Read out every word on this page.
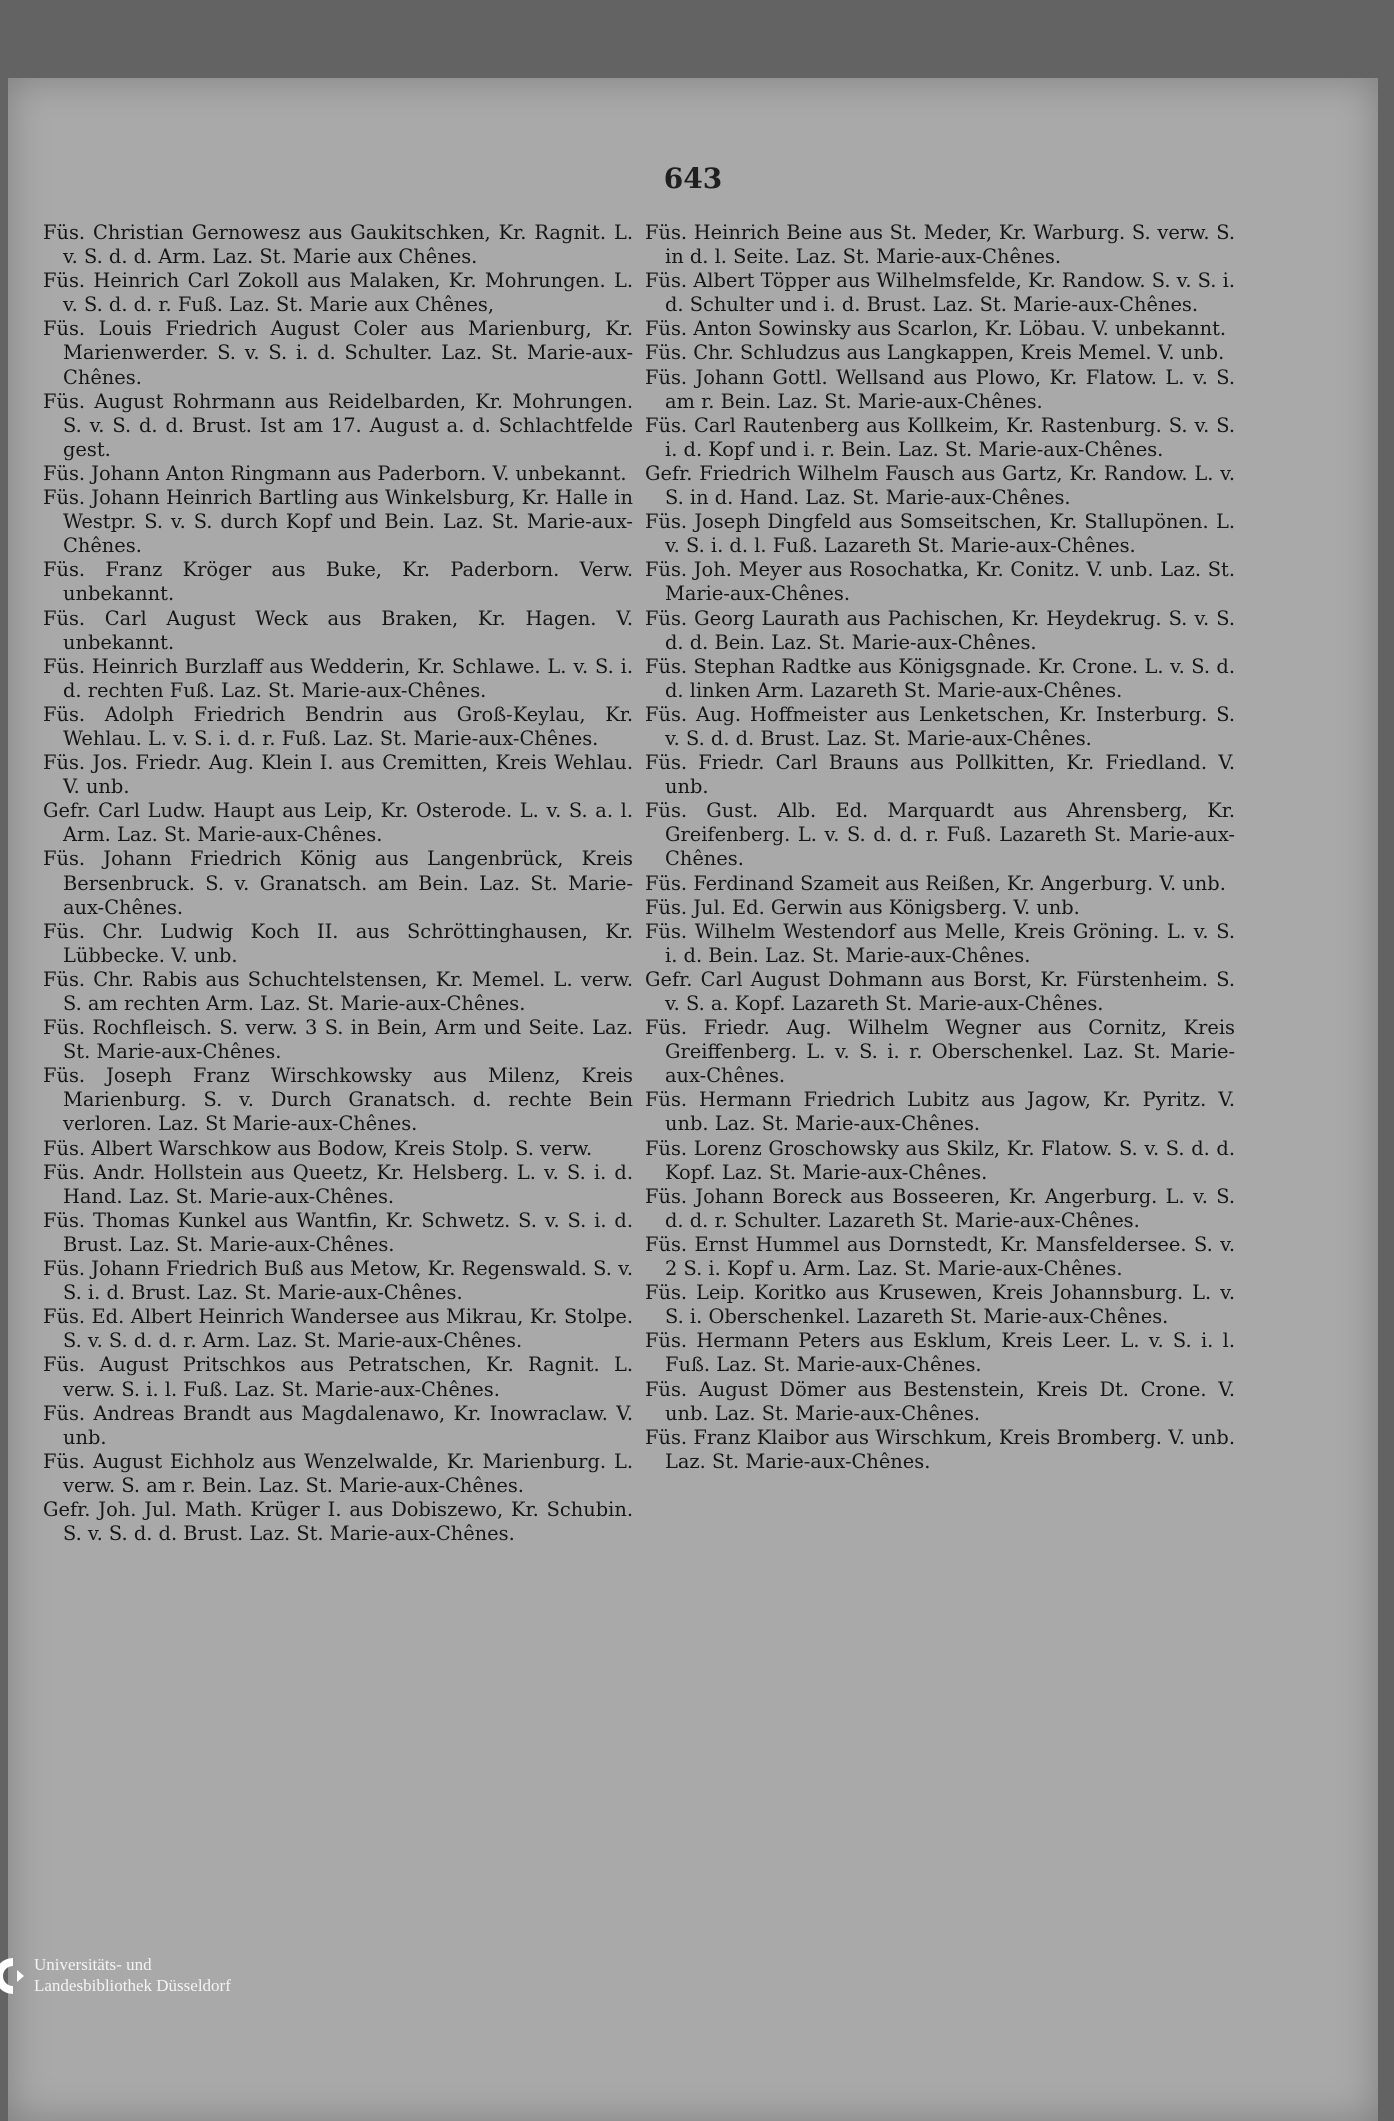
643

Füs. Christian Gernowesz aus Gaukitschken, Kr. Ragnit. L. v. S. d. d. Arm. Laz. St. Marie aux Chênes.

Füs. Heinrich Carl Zokoll aus Malaken, Kr. Mohrungen. L. v. S. d. d. r. Fuß. Laz. St. Marie aux Chênes,

Füs. Louis Friedrich August Coler aus Marienburg, Kr. Marienwerder. S. v. S. i. d. Schulter. Laz. St. Marie-aux-Chênes.

Füs. August Rohrmann aus Reidelbarden, Kr. Mohrungen. S. v. S. d. d. Brust. Ist am 17. August a. d. Schlachtfelde gest.

Füs. Johann Anton Ringmann aus Paderborn. V. unbekannt.

Füs. Johann Heinrich Bartling aus Winkelsburg, Kr. Halle in Westpr. S. v. S. durch Kopf und Bein. Laz. St. Marie-aux-Chênes.

Füs. Franz Kröger aus Buke, Kr. Paderborn. Verw. unbekannt.

Füs. Carl August Weck aus Braken, Kr. Hagen. V. unbekannt.

Füs. Heinrich Burzlaff aus Wedderin, Kr. Schlawe. L. v. S. i. d. rechten Fuß. Laz. St. Marie-aux-Chênes.

Füs. Adolph Friedrich Bendrin aus Groß-Keylau, Kr. Wehlau. L. v. S. i. d. r. Fuß. Laz. St. Marie-aux-Chênes.

Füs. Jos. Friedr. Aug. Klein I. aus Cremitten, Kreis Wehlau. V. unb.

Gefr. Carl Ludw. Haupt aus Leip, Kr. Osterode. L. v. S. a. l. Arm. Laz. St. Marie-aux-Chênes.

Füs. Johann Friedrich König aus Langenbrück, Kreis Bersenbruck. S. v. Granatsch. am Bein. Laz. St. Marie-aux-Chênes.

Füs. Chr. Ludwig Koch II. aus Schröttinghausen, Kr. Lübbecke. V. unb.

Füs. Chr. Rabis aus Schuchtelstensen, Kr. Memel. L. verw. S. am rechten Arm. Laz. St. Marie-aux-Chênes.

Füs. Rochfleisch. S. verw. 3 S. in Bein, Arm und Seite. Laz. St. Marie-aux-Chênes.

Füs. Joseph Franz Wirschkowsky aus Milenz, Kreis Marienburg. S. v. Durch Granatsch. d. rechte Bein verloren. Laz. St Marie-aux-Chênes.

Füs. Albert Warschkow aus Bodow, Kreis Stolp. S. verw.

Füs. Andr. Hollstein aus Queetz, Kr. Helsberg. L. v. S. i. d. Hand. Laz. St. Marie-aux-Chênes.

Füs. Thomas Kunkel aus Wantfin, Kr. Schwetz. S. v. S. i. d. Brust. Laz. St. Marie-aux-Chênes.

Füs. Johann Friedrich Buß aus Metow, Kr. Regenswald. S. v. S. i. d. Brust. Laz. St. Marie-aux-Chênes.

Füs. Ed. Albert Heinrich Wandersee aus Mikrau, Kr. Stolpe. S. v. S. d. d. r. Arm. Laz. St. Marie-aux-Chênes.

Füs. August Pritschkos aus Petratschen, Kr. Ragnit. L. verw. S. i. l. Fuß. Laz. St. Marie-aux-Chênes.

Füs. Andreas Brandt aus Magdalenawo, Kr. Inowraclaw. V. unb.

Füs. August Eichholz aus Wenzelwalde, Kr. Marienburg. L. verw. S. am r. Bein. Laz. St. Marie-aux-Chênes.

Gefr. Joh. Jul. Math. Krüger I. aus Dobiszewo, Kr. Schubin. S. v. S. d. d. Brust. Laz. St. Marie-aux-Chênes.

Füs. Heinrich Beine aus St. Meder, Kr. Warburg. S. verw. S. in d. l. Seite. Laz. St. Marie-aux-Chênes.

Füs. Albert Töpper aus Wilhelmsfelde, Kr. Randow. S. v. S. i. d. Schulter und i. d. Brust. Laz. St. Marie-aux-Chênes.

Füs. Anton Sowinsky aus Scarlon, Kr. Löbau. V. unbekannt.

Füs. Chr. Schludzus aus Langkappen, Kreis Memel. V. unb.

Füs. Johann Gottl. Wellsand aus Plowo, Kr. Flatow. L. v. S. am r. Bein. Laz. St. Marie-aux-Chênes.

Füs. Carl Rautenberg aus Kollkeim, Kr. Rastenburg. S. v. S. i. d. Kopf und i. r. Bein. Laz. St. Marie-aux-Chênes.

Gefr. Friedrich Wilhelm Fausch aus Gartz, Kr. Randow. L. v. S. in d. Hand. Laz. St. Marie-aux-Chênes.

Füs. Joseph Dingfeld aus Somseitschen, Kr. Stallupönen. L. v. S. i. d. l. Fuß. Lazareth St. Marie-aux-Chênes.

Füs. Joh. Meyer aus Rosochatka, Kr. Conitz. V. unb. Laz. St. Marie-aux-Chênes.

Füs. Georg Laurath aus Pachischen, Kr. Heydekrug. S. v. S. d. d. Bein. Laz. St. Marie-aux-Chênes.

Füs. Stephan Radtke aus Königsgnade. Kr. Crone. L. v. S. d. d. linken Arm. Lazareth St. Marie-aux-Chênes.

Füs. Aug. Hoffmeister aus Lenketschen, Kr. Insterburg. S. v. S. d. d. Brust. Laz. St. Marie-aux-Chênes.

Füs. Friedr. Carl Brauns aus Pollkitten, Kr. Friedland. V. unb.

Füs. Gust. Alb. Ed. Marquardt aus Ahrensberg, Kr. Greifenberg. L. v. S. d. d. r. Fuß. Lazareth St. Marie-aux-Chênes.

Füs. Ferdinand Szameit aus Reißen, Kr. Angerburg. V. unb.

Füs. Jul. Ed. Gerwin aus Königsberg. V. unb.

Füs. Wilhelm Westendorf aus Melle, Kreis Gröning. L. v. S. i. d. Bein. Laz. St. Marie-aux-Chênes.

Gefr. Carl August Dohmann aus Borst, Kr. Fürstenheim. S. v. S. a. Kopf. Lazareth St. Marie-aux-Chênes.

Füs. Friedr. Aug. Wilhelm Wegner aus Cornitz, Kreis Greiffenberg. L. v. S. i. r. Oberschenkel. Laz. St. Marie-aux-Chênes.

Füs. Hermann Friedrich Lubitz aus Jagow, Kr. Pyritz. V. unb. Laz. St. Marie-aux-Chênes.

Füs. Lorenz Groschowsky aus Skilz, Kr. Flatow. S. v. S. d. d. Kopf. Laz. St. Marie-aux-Chênes.

Füs. Johann Boreck aus Bosseeren, Kr. Angerburg. L. v. S. d. d. r. Schulter. Lazareth St. Marie-aux-Chênes.

Füs. Ernst Hummel aus Dornstedt, Kr. Mansfeldersee. S. v. 2 S. i. Kopf u. Arm. Laz. St. Marie-aux-Chênes.

Füs. Leip. Koritko aus Krusewen, Kreis Johannsburg. L. v. S. i. Oberschenkel. Lazareth St. Marie-aux-Chênes.

Füs. Hermann Peters aus Esklum, Kreis Leer. L. v. S. i. l. Fuß. Laz. St. Marie-aux-Chênes.

Füs. August Dömer aus Bestenstein, Kreis Dt. Crone. V. unb. Laz. St. Marie-aux-Chênes.

Füs. Franz Klaibor aus Wirschkum, Kreis Bromberg. V. unb. Laz. St. Marie-aux-Chênes.

Universitäts- und
Landesbibliothek Düsseldorf
